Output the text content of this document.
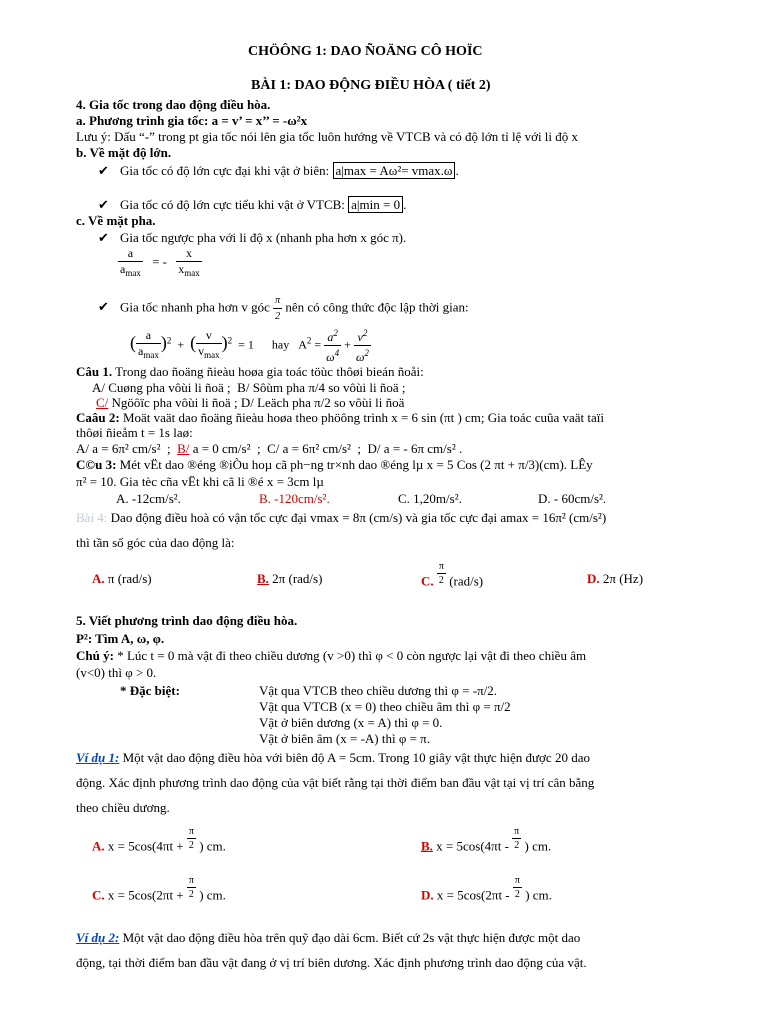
CHÖÔNG 1: DAO ÑOÄNG CÔ HOÏC
BÀI 1: DAO ĐỘNG ĐIỀU HÒA ( tiết 2)
4. Gia tốc trong dao động điều hòa.
a. Phương trình gia tốc: a = v’ = x’’ = -ω²x
Lưu ý: Dấu “-” trong pt gia tốc nói lên gia tốc luôn hướng về VTCB và có độ lớn tỉ lệ với li độ x
b. Về mặt độ lớn.
✔ Gia tốc có độ lớn cực đại khi vật ở biên: a|max = Aω²= vmax.ω .
✔ Gia tốc có độ lớn cực tiểu khi vật ở VTCB: a|min = 0 .
c. Về mặt pha.
✔ Gia tốc ngược pha với li độ x (nhanh pha hơn x góc π).
$\frac{a}{a_{max}}$ = - $\frac{x}{x_{max}}$
✔ Gia tốc nhanh pha hơn v góc $\frac{\pi}{2}$ nên có công thức độc lập thời gian:
( $\frac{a}{a_{max}} )^2$  +  ( $\frac{v}{v_{max}} )^2 = 1$      hay   $A^2 = \frac{a^2}{\omega^4} + \frac{v^2}{\omega^2}$
Câu 1. Trong dao ñoäng ñieàu hoøa gia toác töùc thôøi bieán ñoåi:
A/ Cuøng pha vôùi li ñoä ; B/ Sôùm pha π/4 so vôùi li ñoä ;
C/ Ngöôïc pha vôùi li ñoä ; D/ Leäch pha π/2 so vôùi li ñoä
Caâu 2: Moät vaät dao ñoäng ñieàu hoøa theo phöông trình x = 6 sin (πt ) cm; Gia toác cuûa vaät taïi
thôøi ñieåm t = 1s laø:
A/ a = 6π² cm/s²  ;  B/ a = 0 cm/s²  ;  C/ a = 6π² cm/s²  ;  D/ a = - 6π cm/s² .
C©u 3: Mét vËt dao ®éng ®iÒu hoµ cã ph−ng tr×nh dao ®éng lµ x = 5 Cos (2 πt + π/3)(cm). LÊy
π² = 10. Gia tèc cña vËt khi cã li ®é x = 3cm lµ
A. -12cm/s².	B. -120cm/s².	C. 1,20m/s².	D. - 60cm/s².
Bài 4: Dao động điều hoà có vận tốc cực đại vmax = 8π (cm/s) và gia tốc cực đại amax = 16π² (cm/s²)
thì tần số góc của dao động là:
A. π (rad/s)	B. 2π (rad/s)	C. $\frac{\pi}{2} (rad/s)$	D. 2π (Hz)
5. Viết phương trình dao động điều hòa.
P²: Tìm A, ω, φ.
Chú ý: * Lúc t = 0 mà vật đi theo chiều dương (v >0) thì φ < 0 còn ngược lại vật đi theo chiều âm
(v<0) thì φ > 0.
* Đặc biệt:	Vật qua VTCB theo chiều dương thì φ = -π/2.
Vật qua VTCB (x = 0) theo chiều âm thì φ = π/2
Vật ở biên dương (x = A) thì φ = 0.
Vật ở biên âm (x = -A) thì φ = π.
Ví dụ 1: Một vật dao động điều hòa với biên độ A = 5cm. Trong 10 giây vật thực hiện được 20 dao
động. Xác định phương trình dao động của vật biết rằng tại thời điểm ban đầu vật tại vị trí cân bằng
theo chiều dương.
A. $x = 5\cos(4\pi t + \frac{\pi}{2}$ ) cm.	B. $x = 5\cos(4\pi t - \frac{\pi}{2}$ ) cm.
C. $x = 5\cos(2\pi t + \frac{\pi}{2}$ ) cm.	D. $x = 5\cos(2\pi t - \frac{\pi}{2}$ ) cm.
Ví dụ 2: Một vật dao động điều hòa trên quỹ đạo dài 6cm. Biết cứ 2s vật thực hiện được một dao
động, tại thời điểm ban đầu vật đang ở vị trí biên dương. Xác định phương trình dao động của vật.
